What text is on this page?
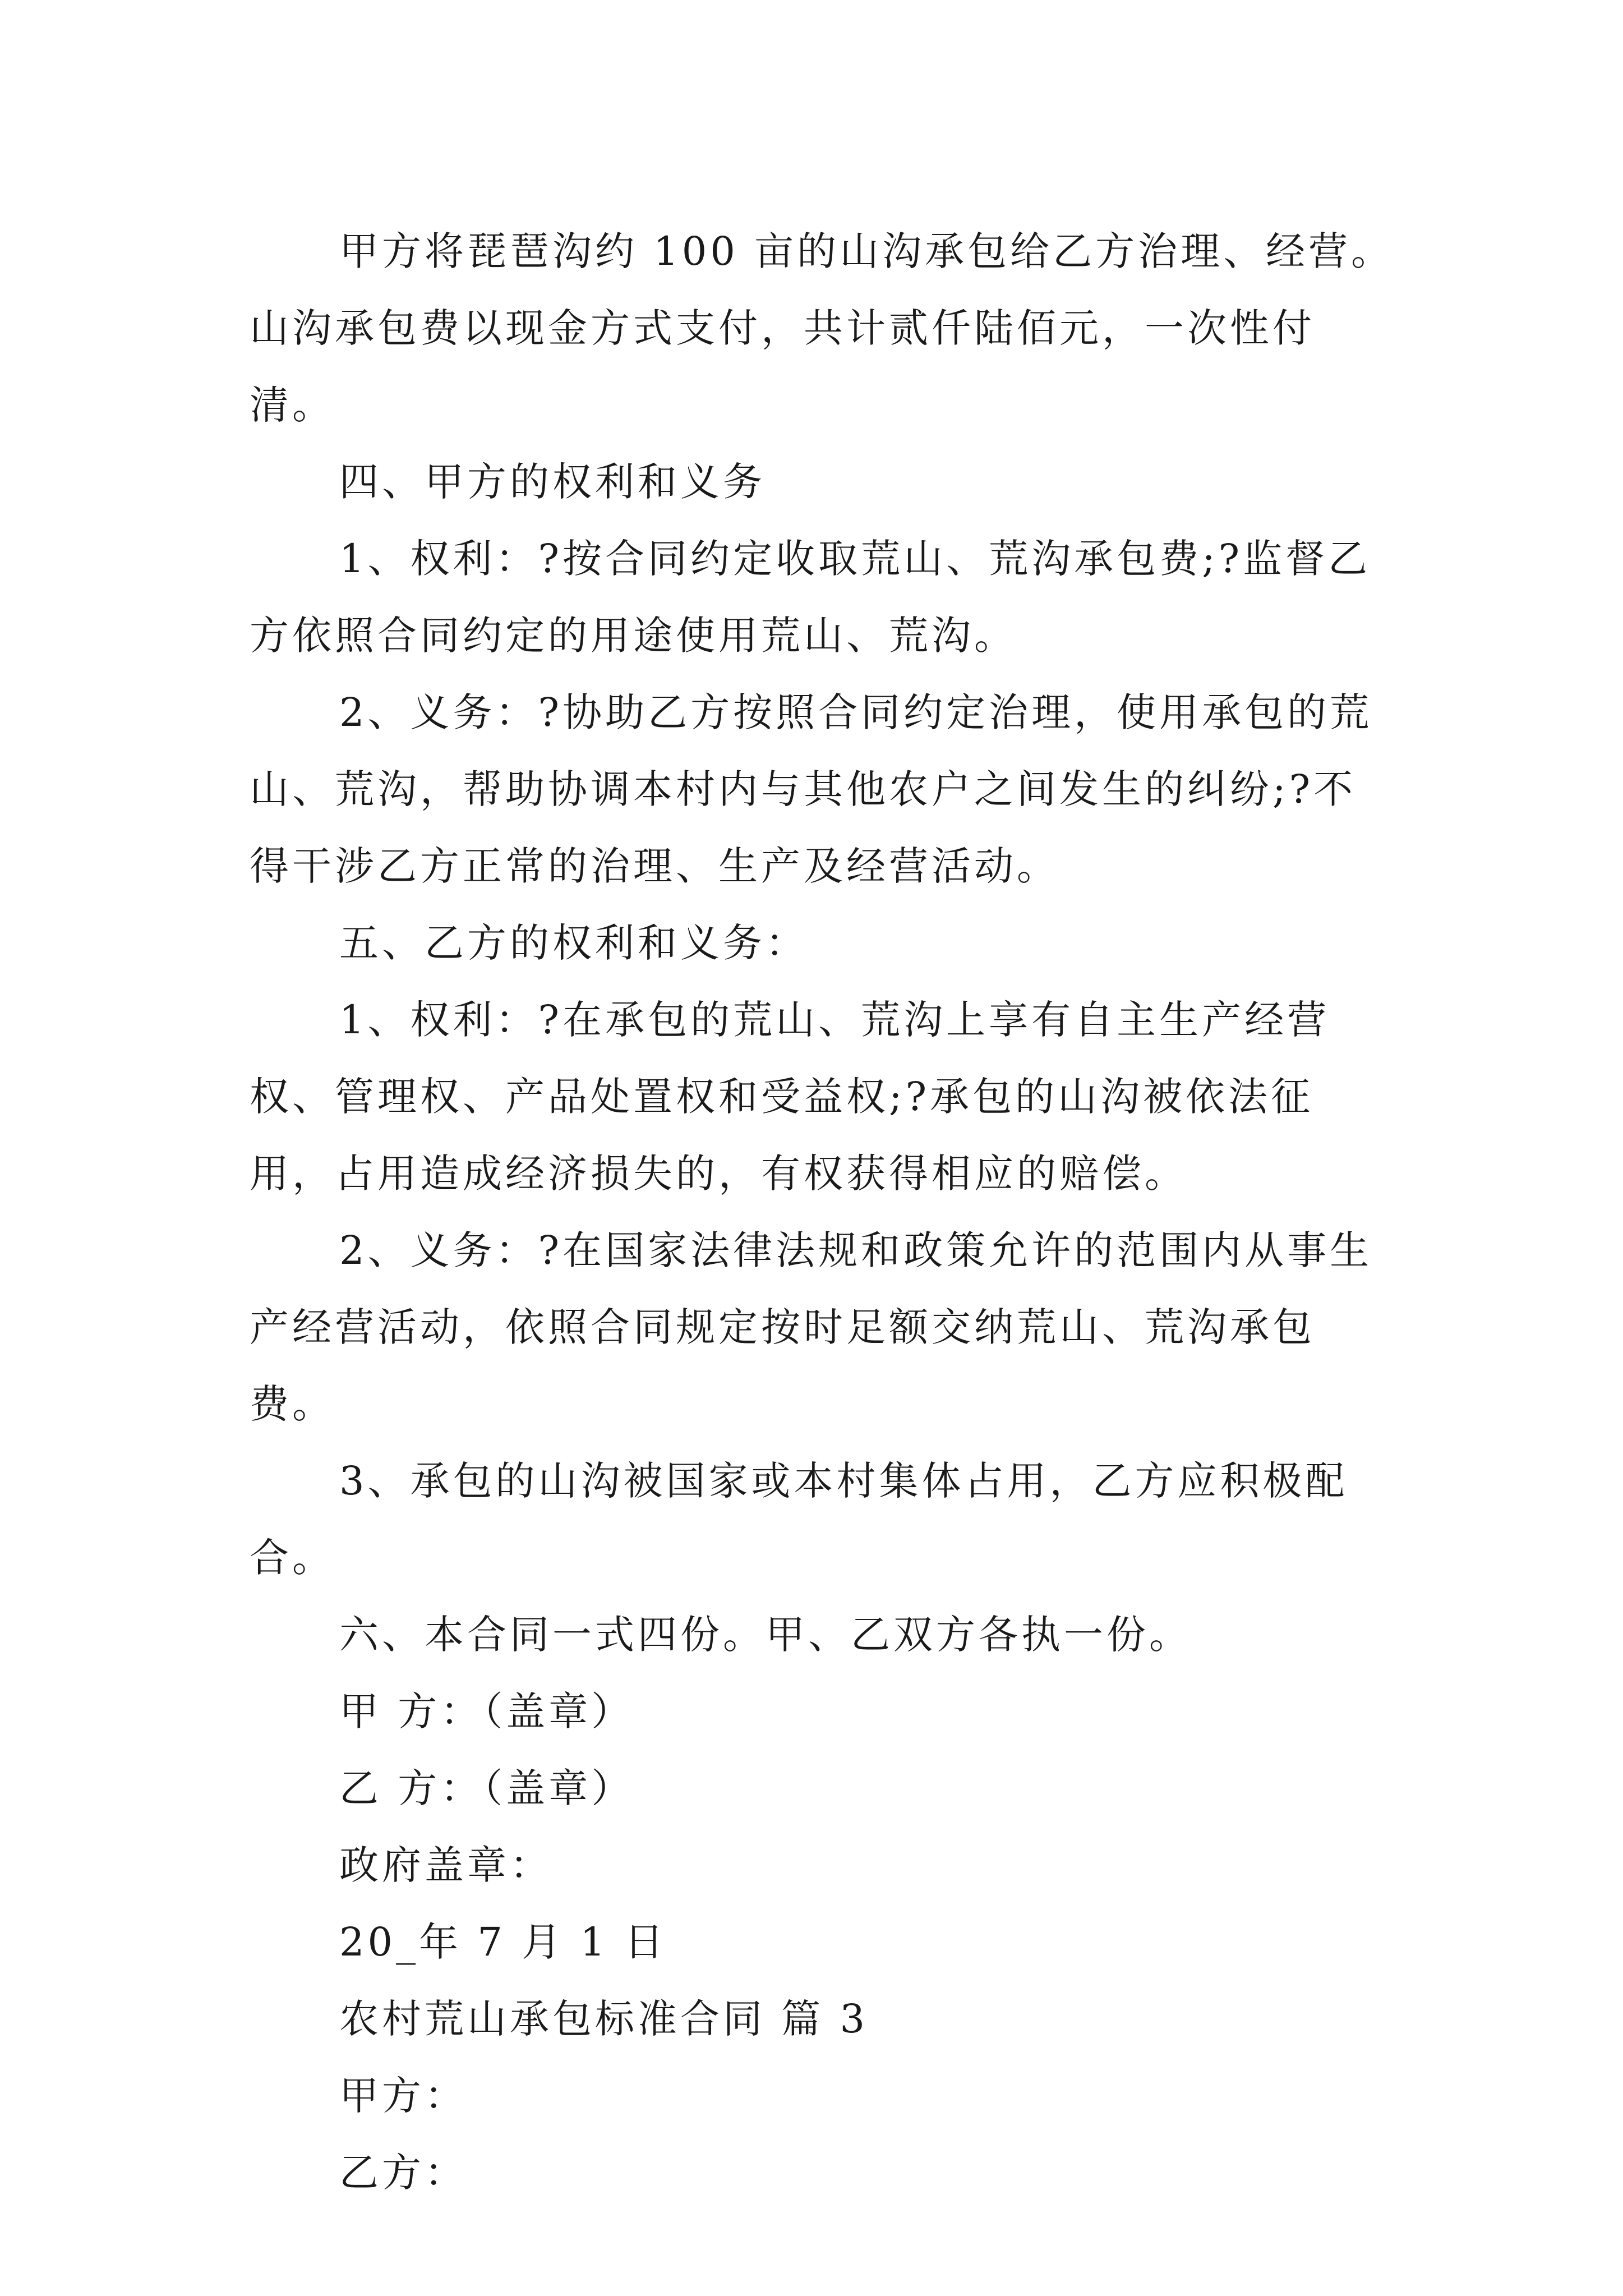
甲方将琵琶沟约 100 亩的山沟承包给乙方治理、经营。山沟承包费以现金方式支付，共计贰仟陆佰元，一次性付清。

四、甲方的权利和义务

1、权利：?按合同约定收取荒山、荒沟承包费;?监督乙方依照合同约定的用途使用荒山、荒沟。

2、义务：?协助乙方按照合同约定治理，使用承包的荒山、荒沟，帮助协调本村内与其他农户之间发生的纠纷;?不得干涉乙方正常的治理、生产及经营活动。

五、乙方的权利和义务：

1、权利：?在承包的荒山、荒沟上享有自主生产经营权、管理权、产品处置权和受益权;?承包的山沟被依法征用，占用造成经济损失的，有权获得相应的赔偿。

2、义务：?在国家法律法规和政策允许的范围内从事生产经营活动，依照合同规定按时足额交纳荒山、荒沟承包费。

3、承包的山沟被国家或本村集体占用，乙方应积极配合。

六、本合同一式四份。甲、乙双方各执一份。

甲 方：（盖章）

乙 方：（盖章）

政府盖章：

20_年 7 月 1 日

农村荒山承包标准合同 篇 3

甲方：

乙方：
